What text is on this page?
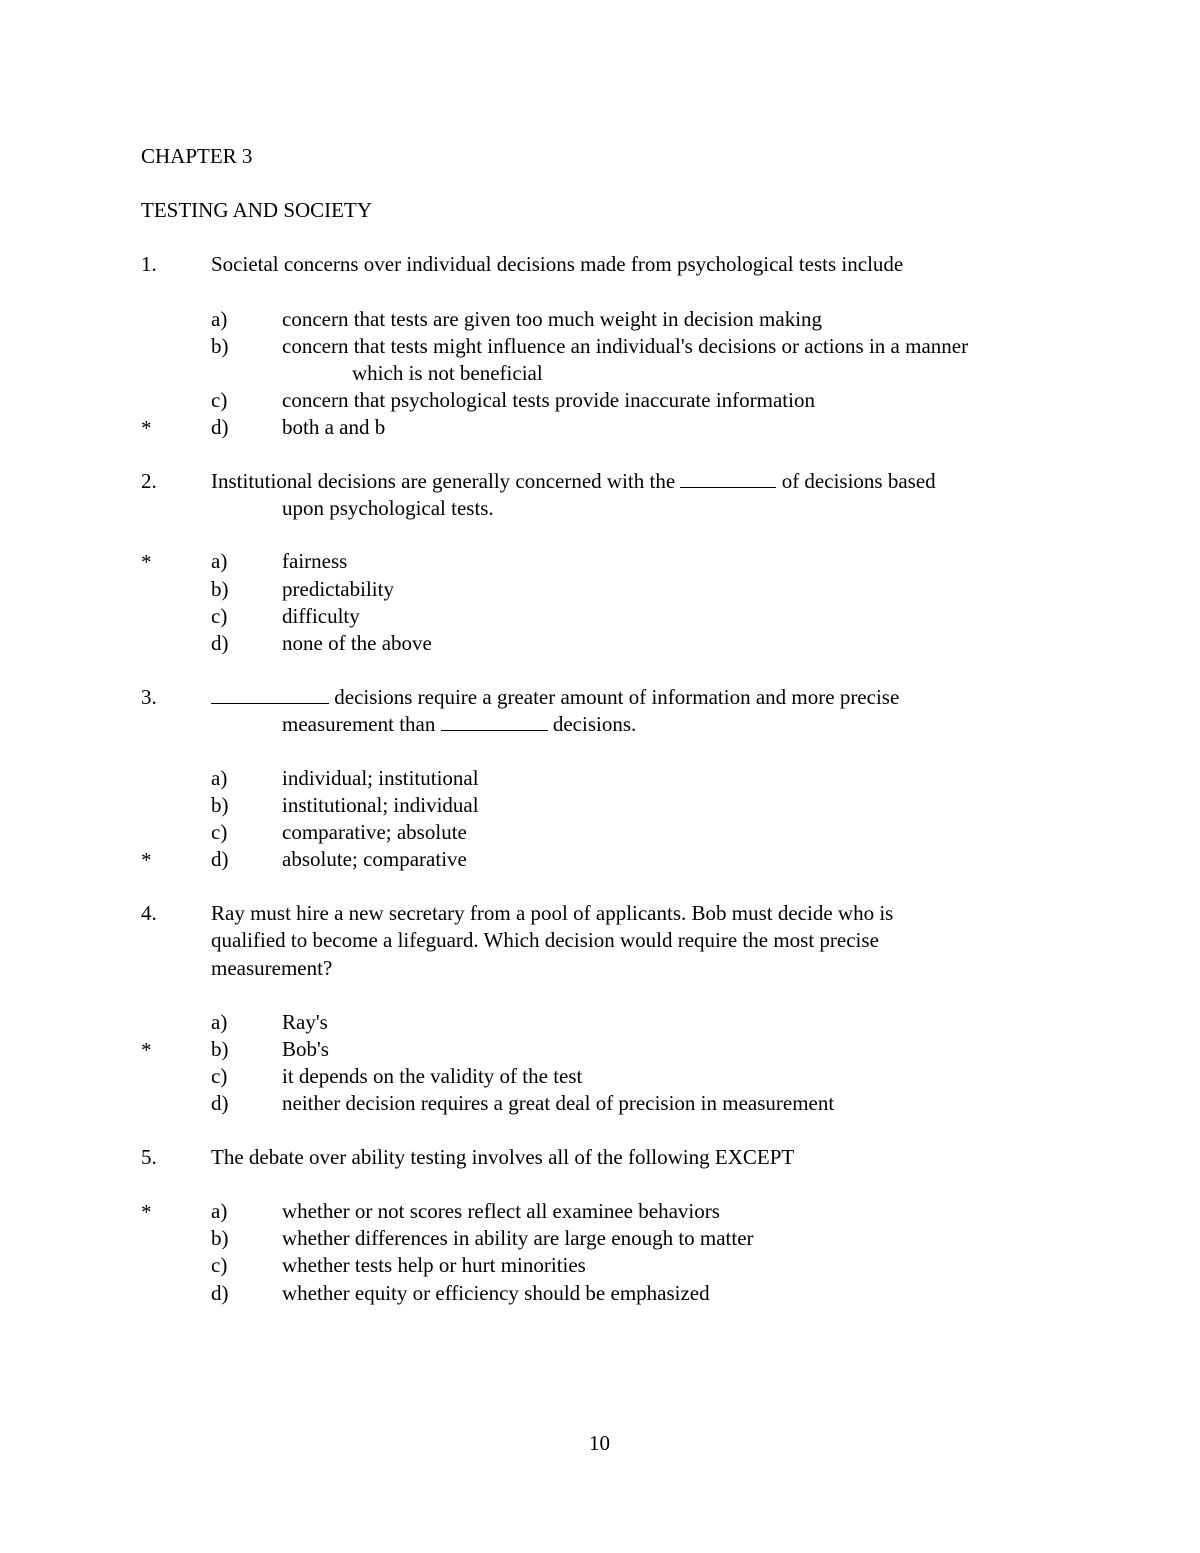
CHAPTER 3
TESTING AND SOCIETY
1.	Societal concerns over individual decisions made from psychological tests include
a)	concern that tests are given too much weight in decision making
b)	concern that tests might influence an individual's decisions or actions in a manner
which is not beneficial
c)	concern that psychological tests provide inaccurate information
*	d)	both a and b
2.	Institutional decisions are generally concerned with the	of decisions based
upon psychological tests.
*	a)	fairness
b)	predictability
c)	difficulty
d)	none of the above
3.	decisions require a greater amount of information and more precise
measurement than	decisions.
a)	individual; institutional
b)	institutional; individual
c)	comparative; absolute
*	d)	absolute; comparative
4.	Ray must hire a new secretary from a pool of applicants. Bob must decide who is
qualified to become a lifeguard. Which decision would require the most precise
measurement?
a)	Ray's
*	b)	Bob's
c)	it depends on the validity of the test
d)	neither decision requires a great deal of precision in measurement
5.	The debate over ability testing involves all of the following EXCEPT
*	a)	whether or not scores reflect all examinee behaviors
b)	whether differences in ability are large enough to matter
c)	whether tests help or hurt minorities
d)	whether equity or efficiency should be emphasized
10
